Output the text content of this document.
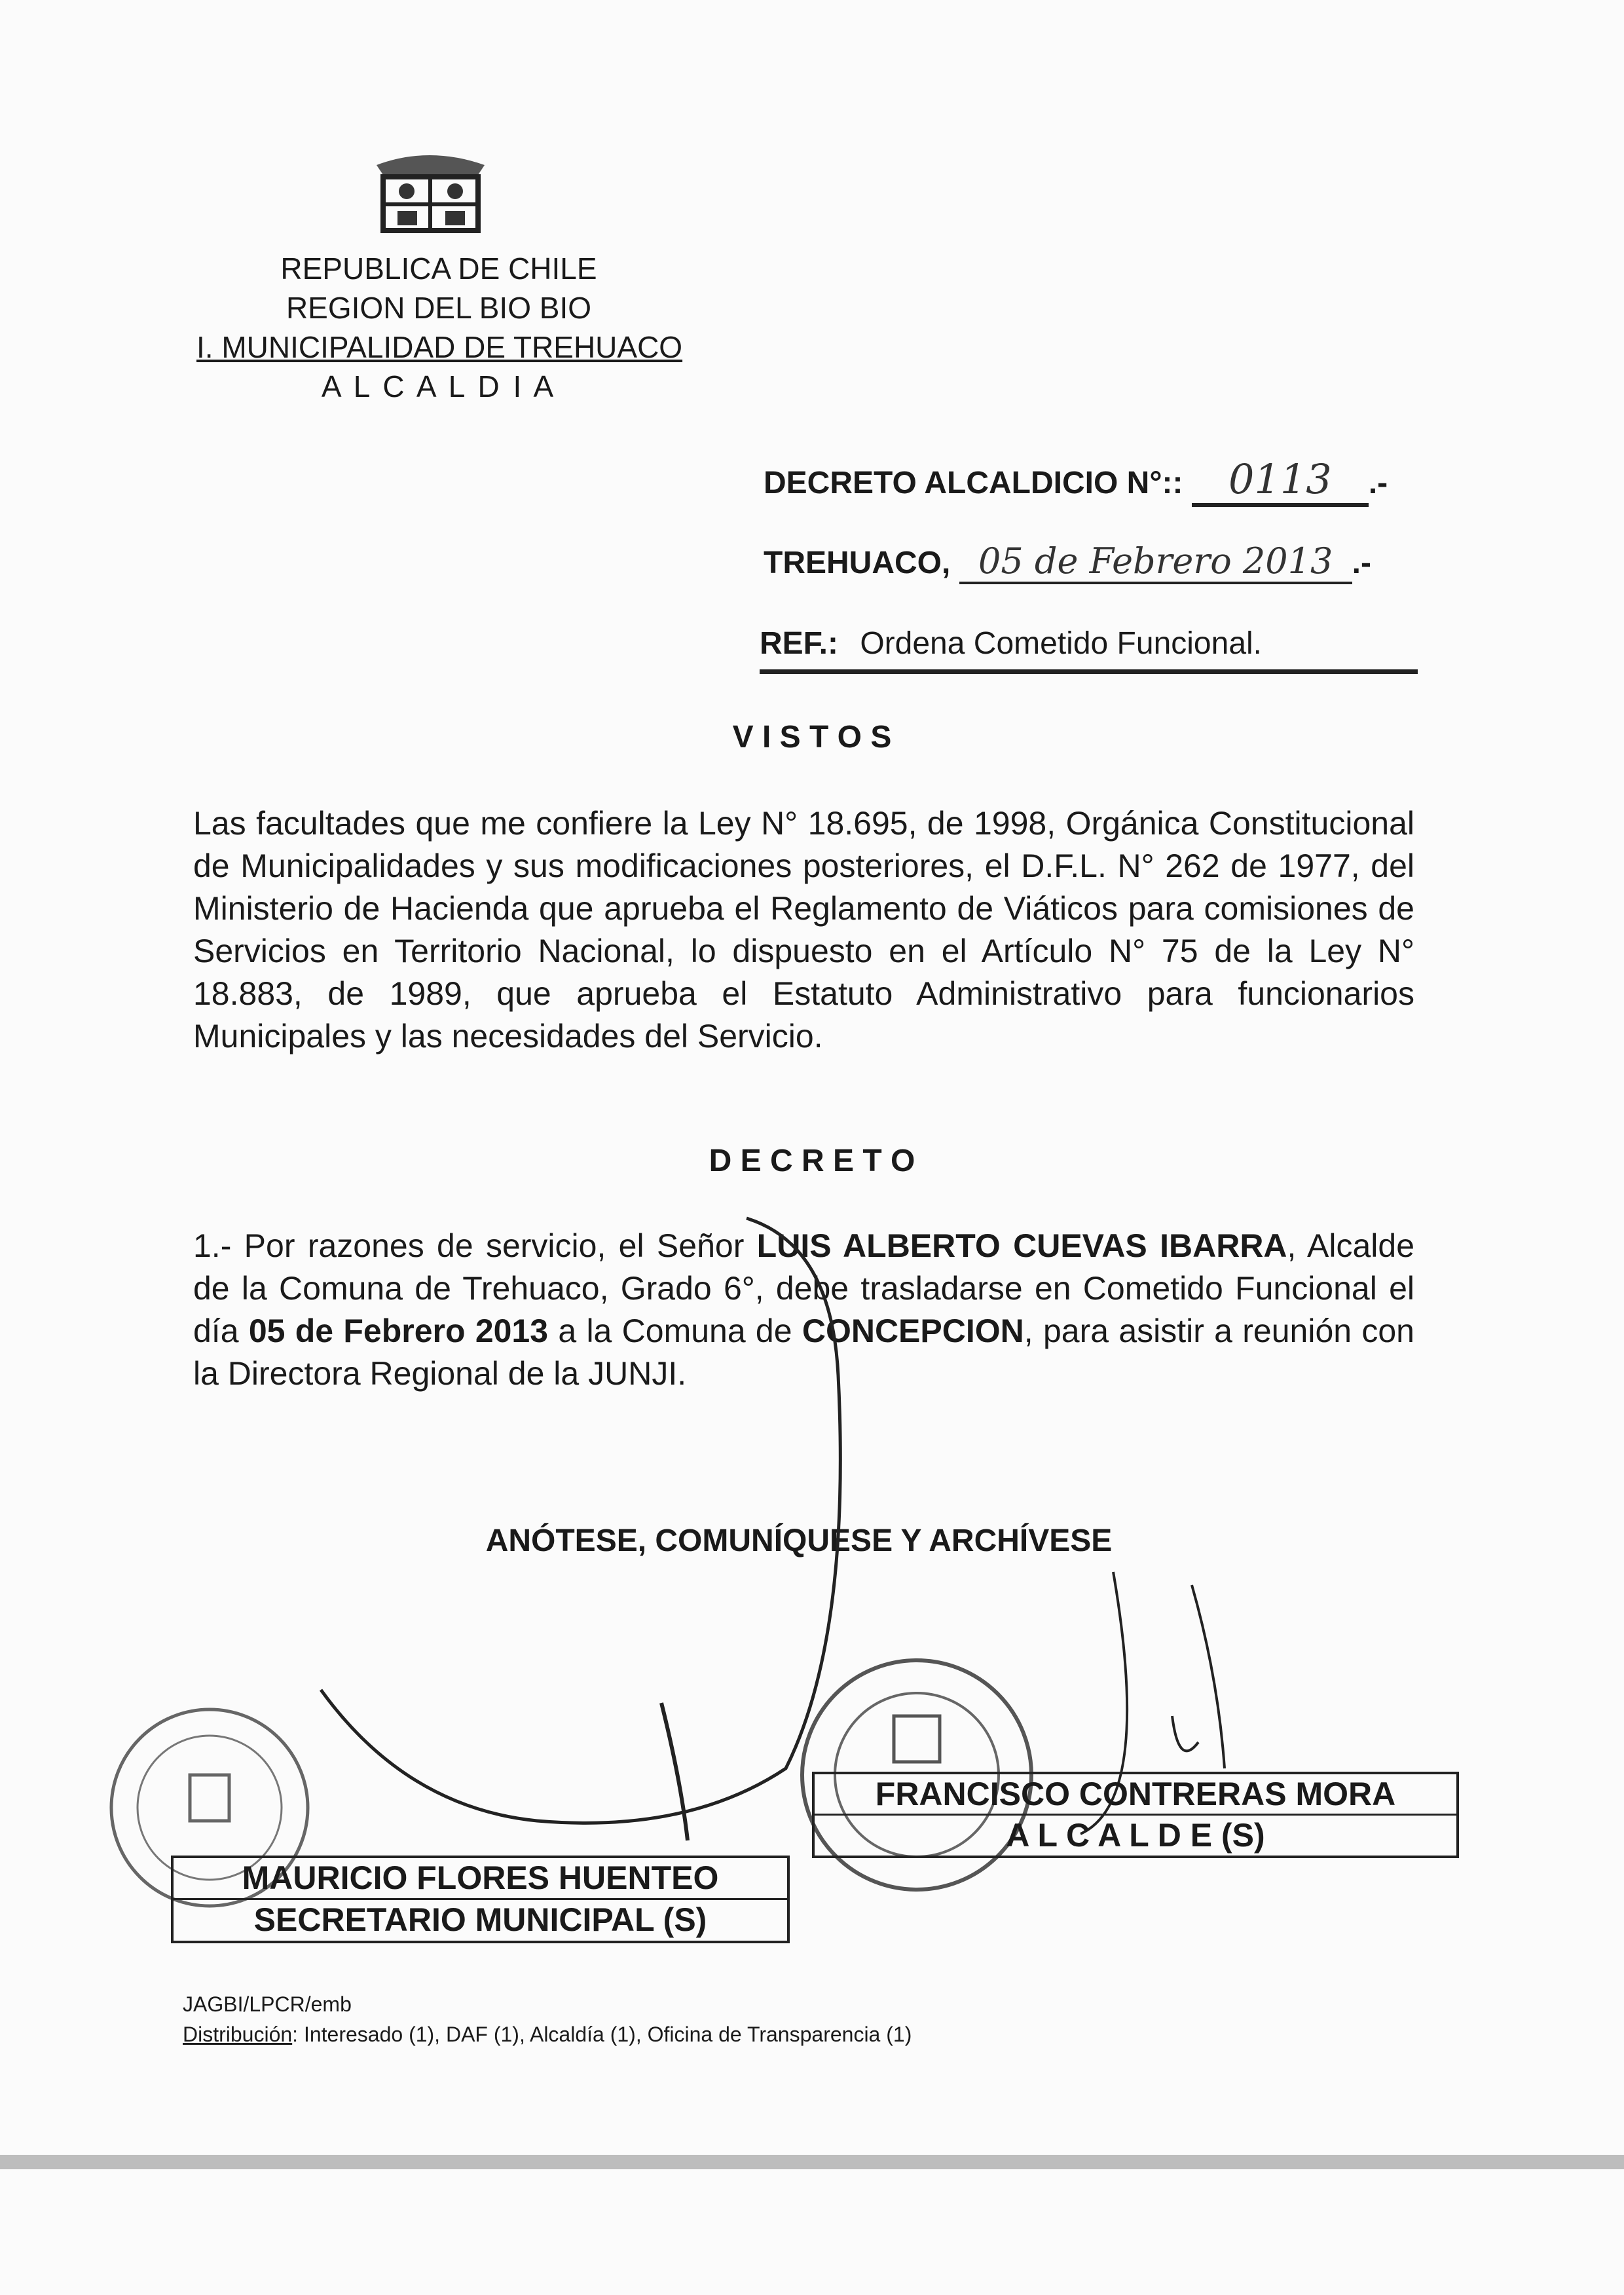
REPUBLICA DE CHILE
REGION DEL BIO BIO
I. MUNICIPALIDAD DE TREHUACO
A L C A L D I A
DECRETO ALCALDICIO N°:: 0113 .-
TREHUACO, 05 de Febrero 2013 .-
REF.: Ordena Cometido Funcional.
V I S T O S
Las facultades que me confiere la Ley N° 18.695, de 1998, Orgánica Constitucional de Municipalidades y sus modificaciones posteriores, el D.F.L. N° 262 de 1977, del Ministerio de Hacienda que aprueba el Reglamento de Viáticos para comisiones de Servicios en Territorio Nacional, lo dispuesto en el Artículo N° 75 de la Ley N° 18.883, de 1989, que aprueba el Estatuto Administrativo para funcionarios Municipales y las necesidades del Servicio.
D E C R E T O
1.- Por razones de servicio, el Señor LUIS ALBERTO CUEVAS IBARRA, Alcalde de la Comuna de Trehuaco, Grado 6°, debe trasladarse en Cometido Funcional el día 05 de Febrero 2013 a la Comuna de CONCEPCION, para asistir a reunión con la Directora Regional de la JUNJI.
ANÓTESE, COMUNÍQUESE Y ARCHÍVESE
FRANCISCO CONTRERAS MORA
A L C A L D E (S)
MAURICIO FLORES HUENTEO
SECRETARIO MUNICIPAL (S)
JAGBI/LPCR/emb
Distribución: Interesado (1), DAF (1), Alcaldía (1), Oficina de Transparencia (1)
